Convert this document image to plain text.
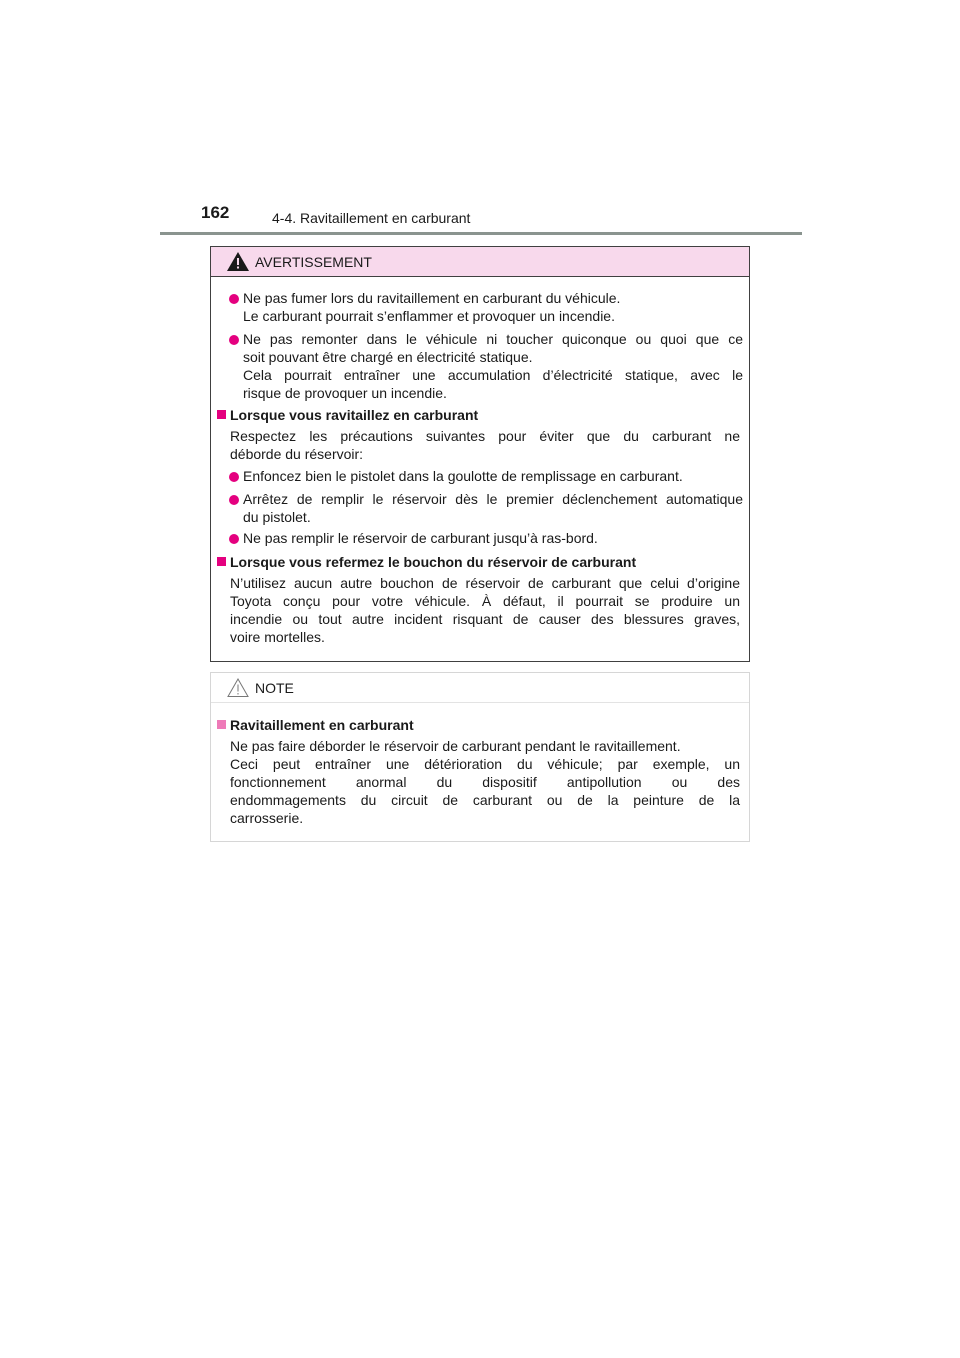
162	4-4. Ravitaillement en carburant
AVERTISSEMENT
Ne pas fumer lors du ravitaillement en carburant du véhicule.
Le carburant pourrait s’enflammer et provoquer un incendie.
Ne pas remonter dans le véhicule ni toucher quiconque ou quoi que ce
soit pouvant être chargé en électricité statique.
Cela pourrait entraîner une accumulation d’électricité statique, avec le
risque de provoquer un incendie.
Lorsque vous ravitaillez en carburant
Respectez les précautions suivantes pour éviter que du carburant ne
déborde du réservoir:
Enfoncez bien le pistolet dans la goulotte de remplissage en carburant.
Arrêtez de remplir le réservoir dès le premier déclenchement automatique
du pistolet.
Ne pas remplir le réservoir de carburant jusqu’à ras-bord.
Lorsque vous refermez le bouchon du réservoir de carburant
N’utilisez aucun autre bouchon de réservoir de carburant que celui d’origine
Toyota conçu pour votre véhicule. À défaut, il pourrait se produire un
incendie ou tout autre incident risquant de causer des blessures graves,
voire mortelles.
NOTE
Ravitaillement en carburant
Ne pas faire déborder le réservoir de carburant pendant le ravitaillement.
Ceci peut entraîner une détérioration du véhicule; par exemple, un
fonctionnement anormal du dispositif antipollution ou des
endommagements du circuit de carburant ou de la peinture de la
carrosserie.
